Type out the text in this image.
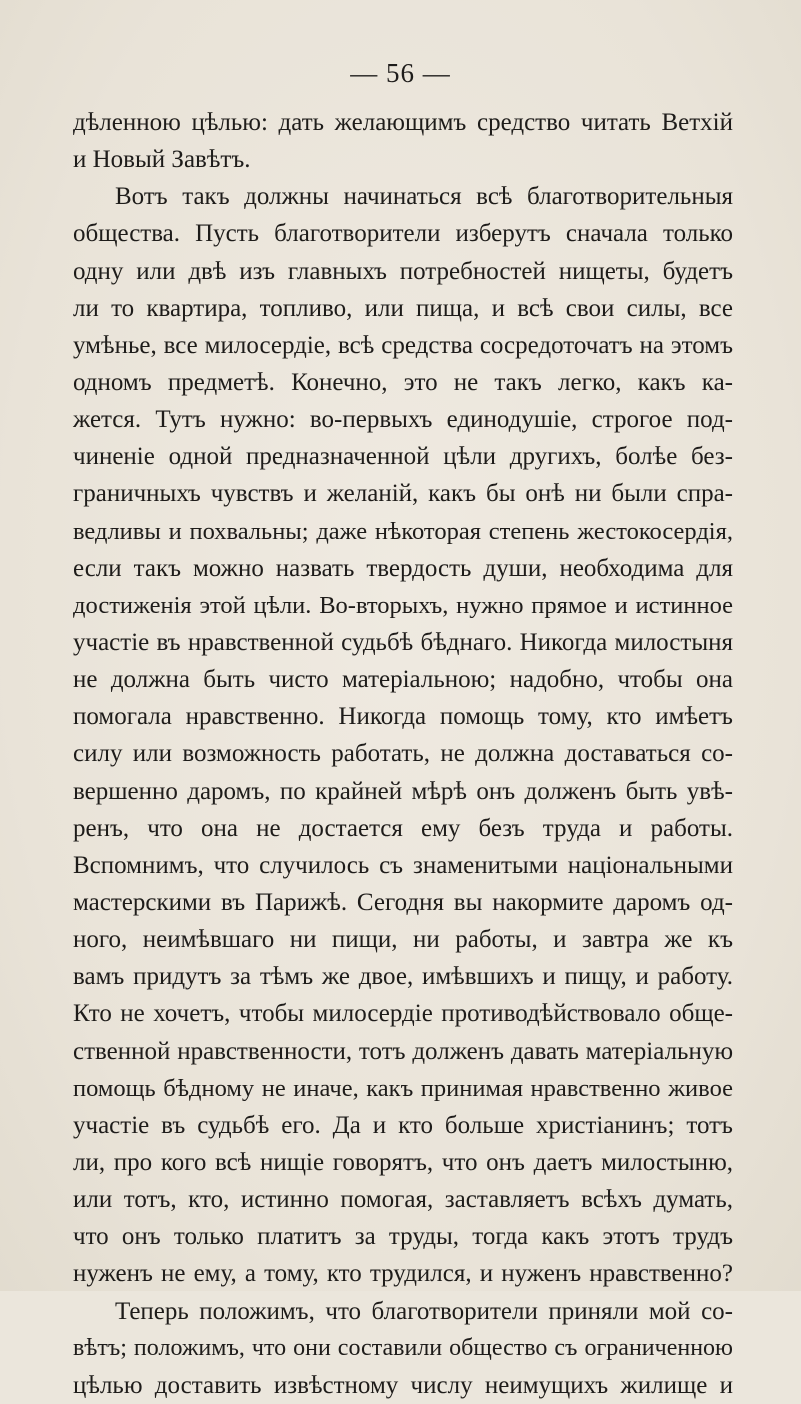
— 56 —
дѣленною цѣлью: дать желающимъ средство читать Ветхій
и Новый Завѣтъ.
Вотъ такъ должны начинаться всѣ благотворительныя
общества. Пусть благотворители изберутъ сначала только
одну или двѣ изъ главныхъ потребностей нищеты, будетъ
ли то квартира, топливо, или пища, и всѣ свои силы, все
умѣнье, все милосердіе, всѣ средства сосредоточатъ на этомъ
одномъ предметѣ. Конечно, это не такъ легко, какъ ка-
жется. Тутъ нужно: во-первыхъ единодушіе, строгое под-
чиненіе одной предназначенной цѣли другихъ, болѣе без-
граничныхъ чувствъ и желаній, какъ бы онѣ ни были спра-
ведливы и похвальны; даже нѣкоторая степень жестокосердія,
если такъ можно назвать твердость души, необходима для
достиженія этой цѣли. Во-вторыхъ, нужно прямое и истинное
участіе въ нравственной судьбѣ бѣднаго. Никогда милостыня
не должна быть чисто матеріальною; надобно, чтобы она
помогала нравственно. Никогда помощь тому, кто имѣетъ
силу или возможность работать, не должна доставаться со-
вершенно даромъ, по крайней мѣрѣ онъ долженъ быть увѣ-
ренъ, что она не достается ему безъ труда и работы.
Вспомнимъ, что случилось съ знаменитыми національными
мастерскими въ Парижѣ. Сегодня вы накормите даромъ од-
ного, неимѣвшаго ни пищи, ни работы, и завтра же къ
вамъ придутъ за тѣмъ же двое, имѣвшихъ и пищу, и работу.
Кто не хочетъ, чтобы милосердіе противодѣйствовало обще-
ственной нравственности, тотъ долженъ давать матеріальную
помощь бѣдному не иначе, какъ принимая нравственно живое
участіе въ судьбѣ его. Да и кто больше христіанинъ; тотъ
ли, про кого всѣ нищіе говорятъ, что онъ даетъ милостыню,
или тотъ, кто, истинно помогая, заставляетъ всѣхъ думать,
что онъ только платитъ за труды, тогда какъ этотъ трудъ
нуженъ не ему, а тому, кто трудился, и нуженъ нравственно?
Теперь положимъ, что благотворители приняли мой со-
вѣтъ; положимъ, что они составили общество съ ограниченною
цѣлью доставить извѣстному числу неимущихъ жилище и
